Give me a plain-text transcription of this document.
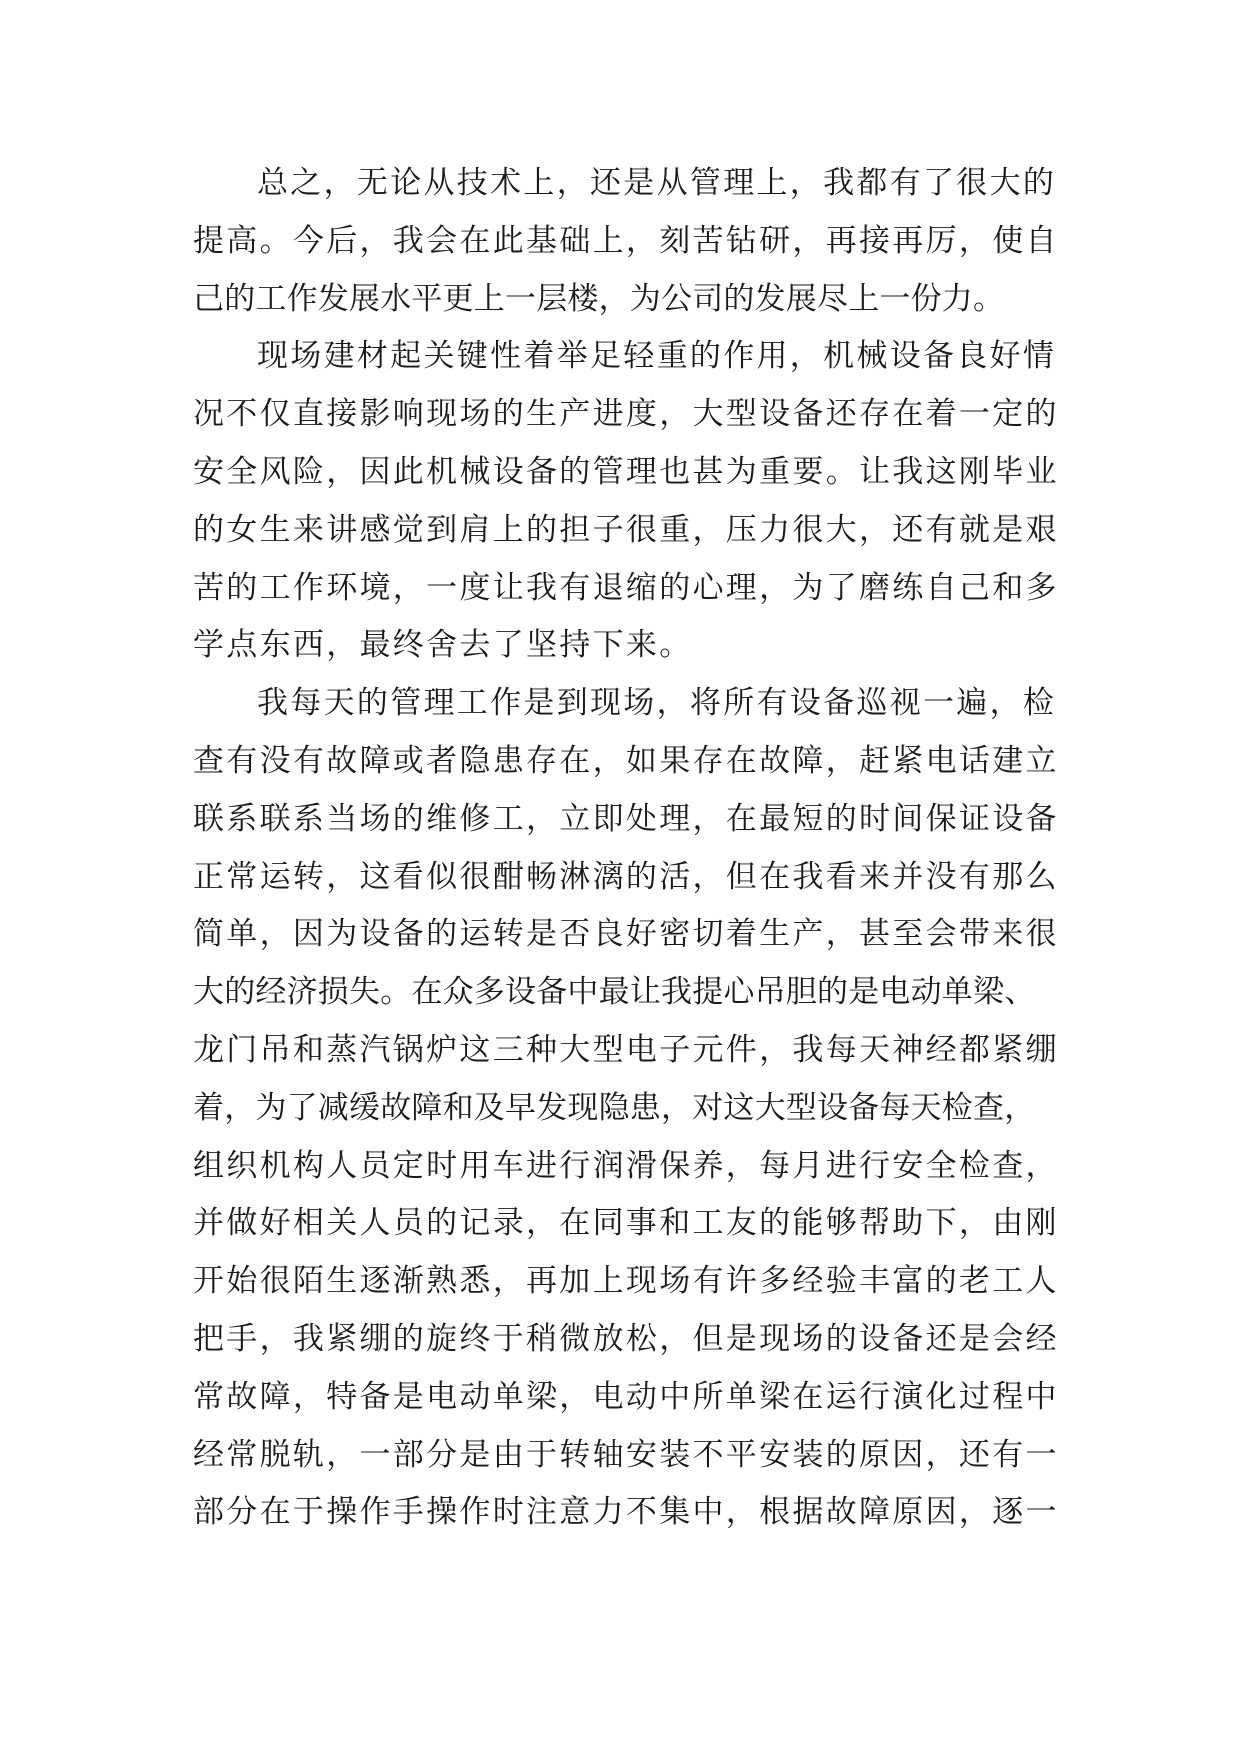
总之，无论从技术上，还是从管理上，我都有了很大的
提高。今后，我会在此基础上，刻苦钻研，再接再厉，使自
己的工作发展水平更上一层楼，为公司的发展尽上一份力。
现场建材起关键性着举足轻重的作用，机械设备良好情
况不仅直接影响现场的生产进度，大型设备还存在着一定的
安全风险，因此机械设备的管理也甚为重要。让我这刚毕业
的女生来讲感觉到肩上的担子很重，压力很大，还有就是艰
苦的工作环境，一度让我有退缩的心理，为了磨练自己和多
学点东西，最终舍去了坚持下来。
我每天的管理工作是到现场，将所有设备巡视一遍，检
查有没有故障或者隐患存在，如果存在故障，赶紧电话建立
联系联系当场的维修工，立即处理，在最短的时间保证设备
正常运转，这看似很酣畅淋漓的活，但在我看来并没有那么
简单，因为设备的运转是否良好密切着生产，甚至会带来很
大的经济损失。在众多设备中最让我提心吊胆的是电动单梁、
龙门吊和蒸汽锅炉这三种大型电子元件，我每天神经都紧绷
着，为了减缓故障和及早发现隐患，对这大型设备每天检查，
组织机构人员定时用车进行润滑保养，每月进行安全检查，
并做好相关人员的记录，在同事和工友的能够帮助下，由刚
开始很陌生逐渐熟悉，再加上现场有许多经验丰富的老工人
把手，我紧绷的旋终于稍微放松，但是现场的设备还是会经
常故障，特备是电动单梁，电动中所单梁在运行演化过程中
经常脱轨，一部分是由于转轴安装不平安装的原因，还有一
部分在于操作手操作时注意力不集中，根据故障原因，逐一
